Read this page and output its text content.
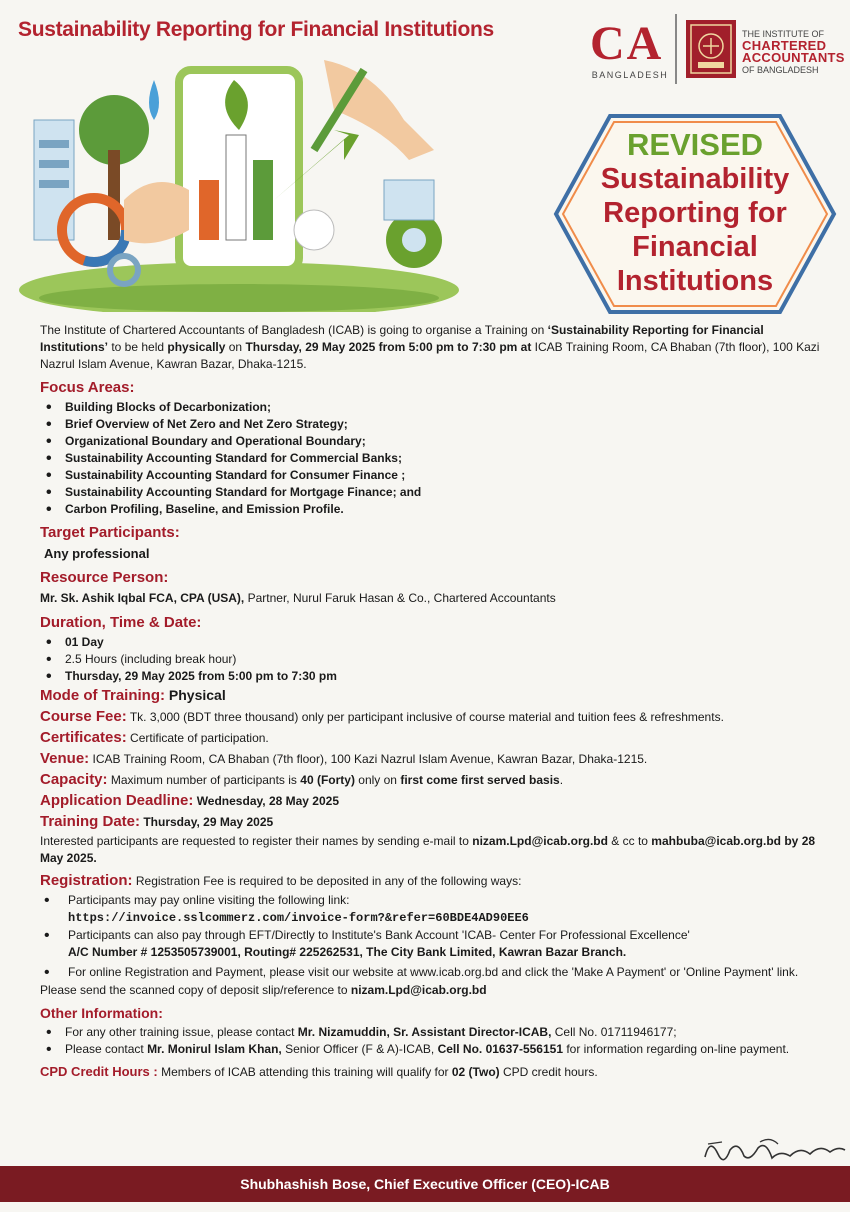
Sustainability Reporting for Financial Institutions CA
BANGLADESH
THE INSTITUTE OF
CHARTERED
ACCOUNTANTS
OF BANGLADESH
REVISED
Sustainability
Reporting for
Financial
Institutions

The Institute of Chartered Accountants of Bangladesh (ICAB) is going to organise a Training on ‘Sustainability Reporting for Financial Institutions’ to be held physically on Thursday, 29 May 2025 from 5:00 pm to 7:30 pm at ICAB Training Room, CA Bhaban (7th floor), 100 Kazi Nazrul Islam Avenue, Kawran Bazar, Dhaka-1215.

Focus Areas:
• Building Blocks of Decarbonization;
• Brief Overview of Net Zero and Net Zero Strategy;
• Organizational Boundary and Operational Boundary;
• Sustainability Accounting Standard for Commercial Banks;
• Sustainability Accounting Standard for Consumer Finance ;
• Sustainability Accounting Standard for Mortgage Finance; and
• Carbon Profiling, Baseline, and Emission Profile.
Target Participants:
Any professional
Resource Person:
Mr. Sk. Ashik Iqbal FCA, CPA (USA), Partner, Nurul Faruk Hasan & Co., Chartered Accountants
Duration, Time & Date:
• 01 Day
• 2.5 Hours (including break hour)
• Thursday, 29 May 2025 from 5:00 pm to 7:30 pm
Mode of Training: Physical
Course Fee: Tk. 3,000 (BDT three thousand) only per participant inclusive of course material and tuition fees & refreshments.
Certificates: Certificate of participation.
Venue: ICAB Training Room, CA Bhaban (7th floor), 100 Kazi Nazrul Islam Avenue, Kawran Bazar, Dhaka-1215.
Capacity: Maximum number of participants is 40 (Forty) only on first come first served basis.
Application Deadline: Wednesday, 28 May 2025
Training Date: Thursday, 29 May 2025
Interested participants are requested to register their names by sending e-mail to nizam.Lpd@icab.org.bd & cc to mahbuba@icab.org.bd by 28 May 2025.
Registration: Registration Fee is required to be deposited in any of the following ways:
• Participants may pay online visiting the following link:
https://invoice.sslcommerz.com/invoice-form?&refer=60BDE4AD90EE6
• Participants can also pay through EFT/Directly to Institute's Bank Account 'ICAB- Center For Professional Excellence'
A/C Number # 1253505739001, Routing# 225262531, The City Bank Limited, Kawran Bazar Branch.
• For online Registration and Payment, please visit our website at www.icab.org.bd and click the 'Make A Payment' or 'Online Payment' link.
Please send the scanned copy of deposit slip/reference to nizam.Lpd@icab.org.bd
Other Information:
• For any other training issue, please contact Mr. Nizamuddin, Sr. Assistant Director-ICAB, Cell No. 01711946177;
• Please contact Mr. Monirul Islam Khan, Senior Officer (F & A)-ICAB, Cell No. 01637-556151 for information regarding on-line payment.
CPD Credit Hours : Members of ICAB attending this training will qualify for 02 (Two) CPD credit hours.
Shubhashish Bose, Chief Executive Officer (CEO)-ICAB
